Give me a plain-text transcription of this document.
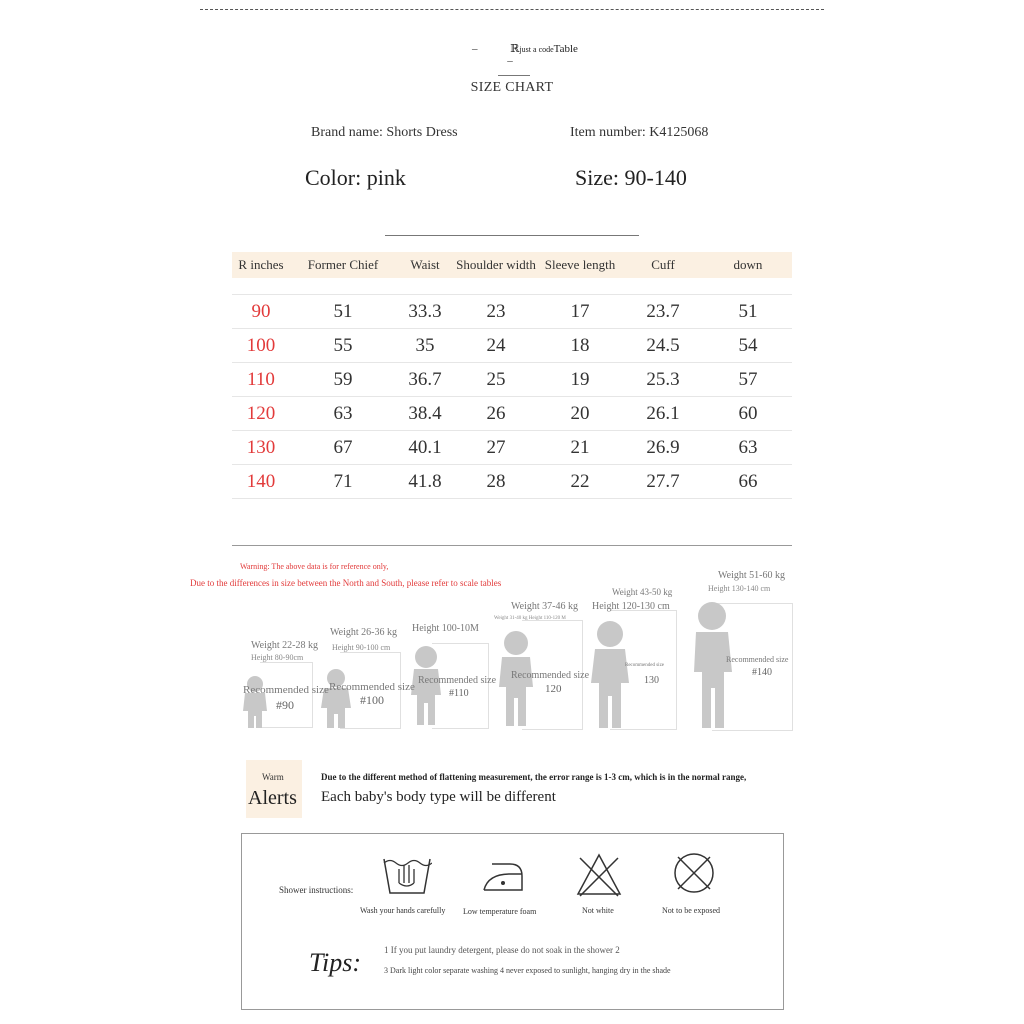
–	ℝjust a codeTable –
SIZE CHART
Brand name: Shorts Dress	Item number: K4125068
Color: pink	Size: 90-140
R inches	Former Chief	Waist	Shoulder width	Sleeve length	Cuff	down

90	51	33.3	23	17	23.7	51
100	55	35	24	18	24.5	54
110	59	36.7	25	19	25.3	57
120	63	38.4	26	20	26.1	60
130	67	40.1	27	21	26.9	63
140	71	41.8	28	22	27.7	66
Warning: The above data is for reference only,
Due to the differences in size between the North and South, please refer to scale tables
Weight 22-28 kg
Height 80-90cm
Recommended size
#90
Weight 26-36 kg
Height 90-100 cm
Recommended size
#100
Height 100-10M
Recommended size
#110
Weight 37-46 kg
Weight 31-40 kg Height 110-120 M
Recommended size
120
Weight 43-50 kg
Height 120-130 cm
Recommended size
130
Weight 51-60 kg
Height 130-140 cm
Recommended size
#140
Warm
Alerts
Due to the different method of flattening measurement, the error range is 1-3 cm, which is in the normal range,
Each baby's body type will be different
Shower instructions:
Wash your hands carefully Low temperature foam	Not white	Not to be exposed
Tips:	1 If you put laundry detergent, please do not soak in the shower 2
3 Dark light color separate washing 4 never exposed to sunlight, hanging dry in the shade
